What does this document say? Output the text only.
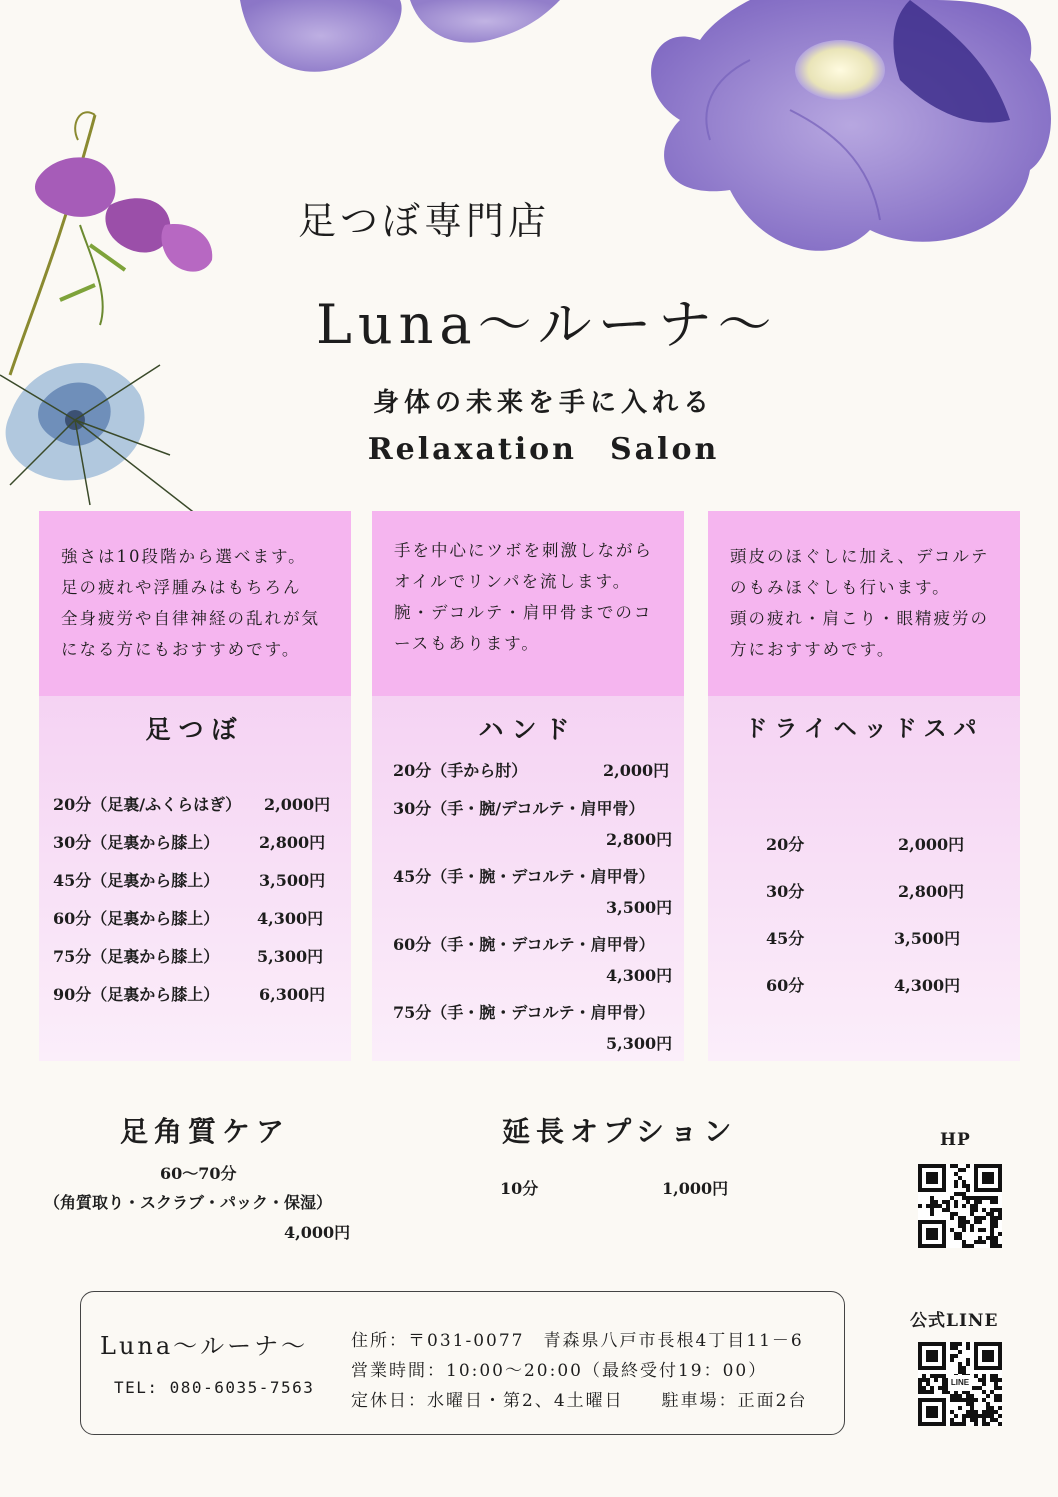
足つぼ専門店
Luna〜ルーナ〜
身体の未来を手に入れる
Relaxation　Salon
強さは10段階から選べます。
足の疲れや浮腫みはもちろん
全身疲労や自律神経の乱れが気
になる方にもおすすめです。
足つぼ
20分（足裏/ふくらはぎ） 2,000円
30分（足裏から膝上） 2,800円
45分（足裏から膝上） 3,500円
60分（足裏から膝上） 4,300円
75分（足裏から膝上） 5,300円
90分（足裏から膝上） 6,300円
手を中心にツボを刺激しながら
オイルでリンパを流します。
腕・デコルテ・肩甲骨までのコ
ースもあります。
ハンド
20分（手から肘）	2,000円
30分（手・腕/デコルテ・肩甲骨）
2,800円
45分（手・腕・デコルテ・肩甲骨）
3,500円
60分（手・腕・デコルテ・肩甲骨）
4,300円
75分（手・腕・デコルテ・肩甲骨）
5,300円
頭皮のほぐしに加え、デコルテ
のもみほぐしも行います。
頭の疲れ・肩こり・眼精疲労の
方におすすめです。
ドライヘッドスパ
20分	2,000円
30分	2,800円
45分	3,500円
60分	4,300円
足角質ケア
60〜70分
（角質取り・スクラブ・パック・保湿）
4,000円
延長オプション
10分	1,000円
HP
公式LINE
LINE
Luna〜ルーナ〜
TEL: 080-6035-7563
住所：〒031-0077　青森県八戸市長根4丁目11－6
営業時間：10:00〜20:00（最終受付19：00）
定休日：水曜日・第2、4土曜日　　駐車場：正面2台
